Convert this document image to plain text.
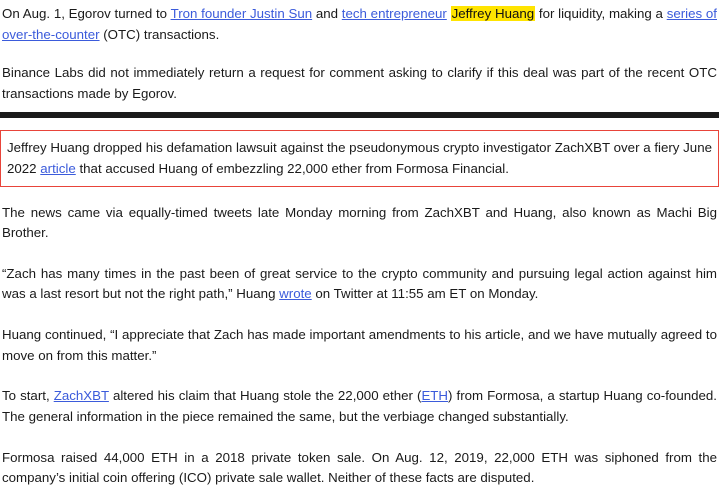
On Aug. 1, Egorov turned to Tron founder Justin Sun and tech entrepreneur Jeffrey Huang for liquidity, making a series of over-the-counter (OTC) transactions.

Binance Labs did not immediately return a request for comment asking to clarify if this deal was part of the recent OTC transactions made by Egorov.

Jeffrey Huang dropped his defamation lawsuit against the pseudonymous crypto investigator ZachXBT over a fiery June 2022 article that accused Huang of embezzling 22,000 ether from Formosa Financial.

The news came via equally-timed tweets late Monday morning from ZachXBT and Huang, also known as Machi Big Brother.

“Zach has many times in the past been of great service to the crypto community and pursuing legal action against him was a last resort but not the right path,” Huang wrote on Twitter at 11:55 am ET on Monday.

Huang continued, “I appreciate that Zach has made important amendments to his article, and we have mutually agreed to move on from this matter.”

To start, ZachXBT altered his claim that Huang stole the 22,000 ether (ETH) from Formosa, a startup Huang co-founded. The general information in the piece remained the same, but the verbiage changed substantially.

Formosa raised 44,000 ETH in a 2018 private token sale. On Aug. 12, 2019, 22,000 ETH was siphoned from the company’s initial coin offering (ICO) private sale wallet. Neither of these facts are disputed.
